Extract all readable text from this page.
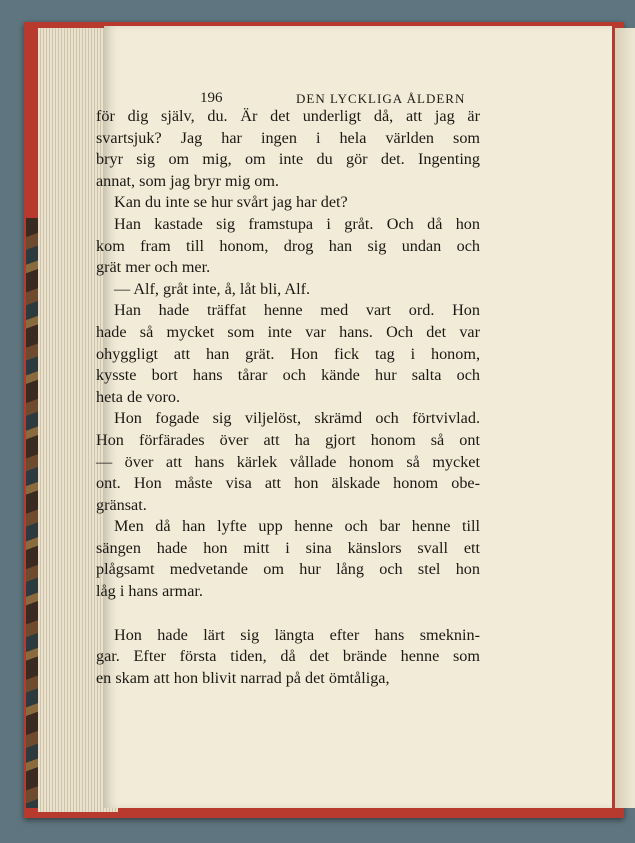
196	DEN LYCKLIGA ÅLDERN
för dig själv, du. Är det underligt då, att jag är
svartsjuk? Jag har ingen i hela världen som
bryr sig om mig, om inte du gör det. Ingenting
annat, som jag bryr mig om.
Kan du inte se hur svårt jag har det?
Han kastade sig framstupa i gråt. Och då hon
kom fram till honom, drog han sig undan och
grät mer och mer.
— Alf, gråt inte, å, låt bli, Alf.
Han hade träffat henne med vart ord. Hon
hade så mycket som inte var hans. Och det var
ohyggligt att han grät. Hon fick tag i honom,
kysste bort hans tårar och kände hur salta och
heta de voro.
Hon fogade sig viljelöst, skrämd och förtvivlad.
Hon förfärades över att ha gjort honom så ont
— över att hans kärlek vållade honom så mycket
ont. Hon måste visa att hon älskade honom obe-
gränsat.
Men då han lyfte upp henne och bar henne till
sängen hade hon mitt i sina känslors svall ett
plågsamt medvetande om hur lång och stel hon
låg i hans armar.
Hon hade lärt sig längta efter hans smeknin-
gar. Efter första tiden, då det brände henne som
en skam att hon blivit narrad på det ömtåliga,
